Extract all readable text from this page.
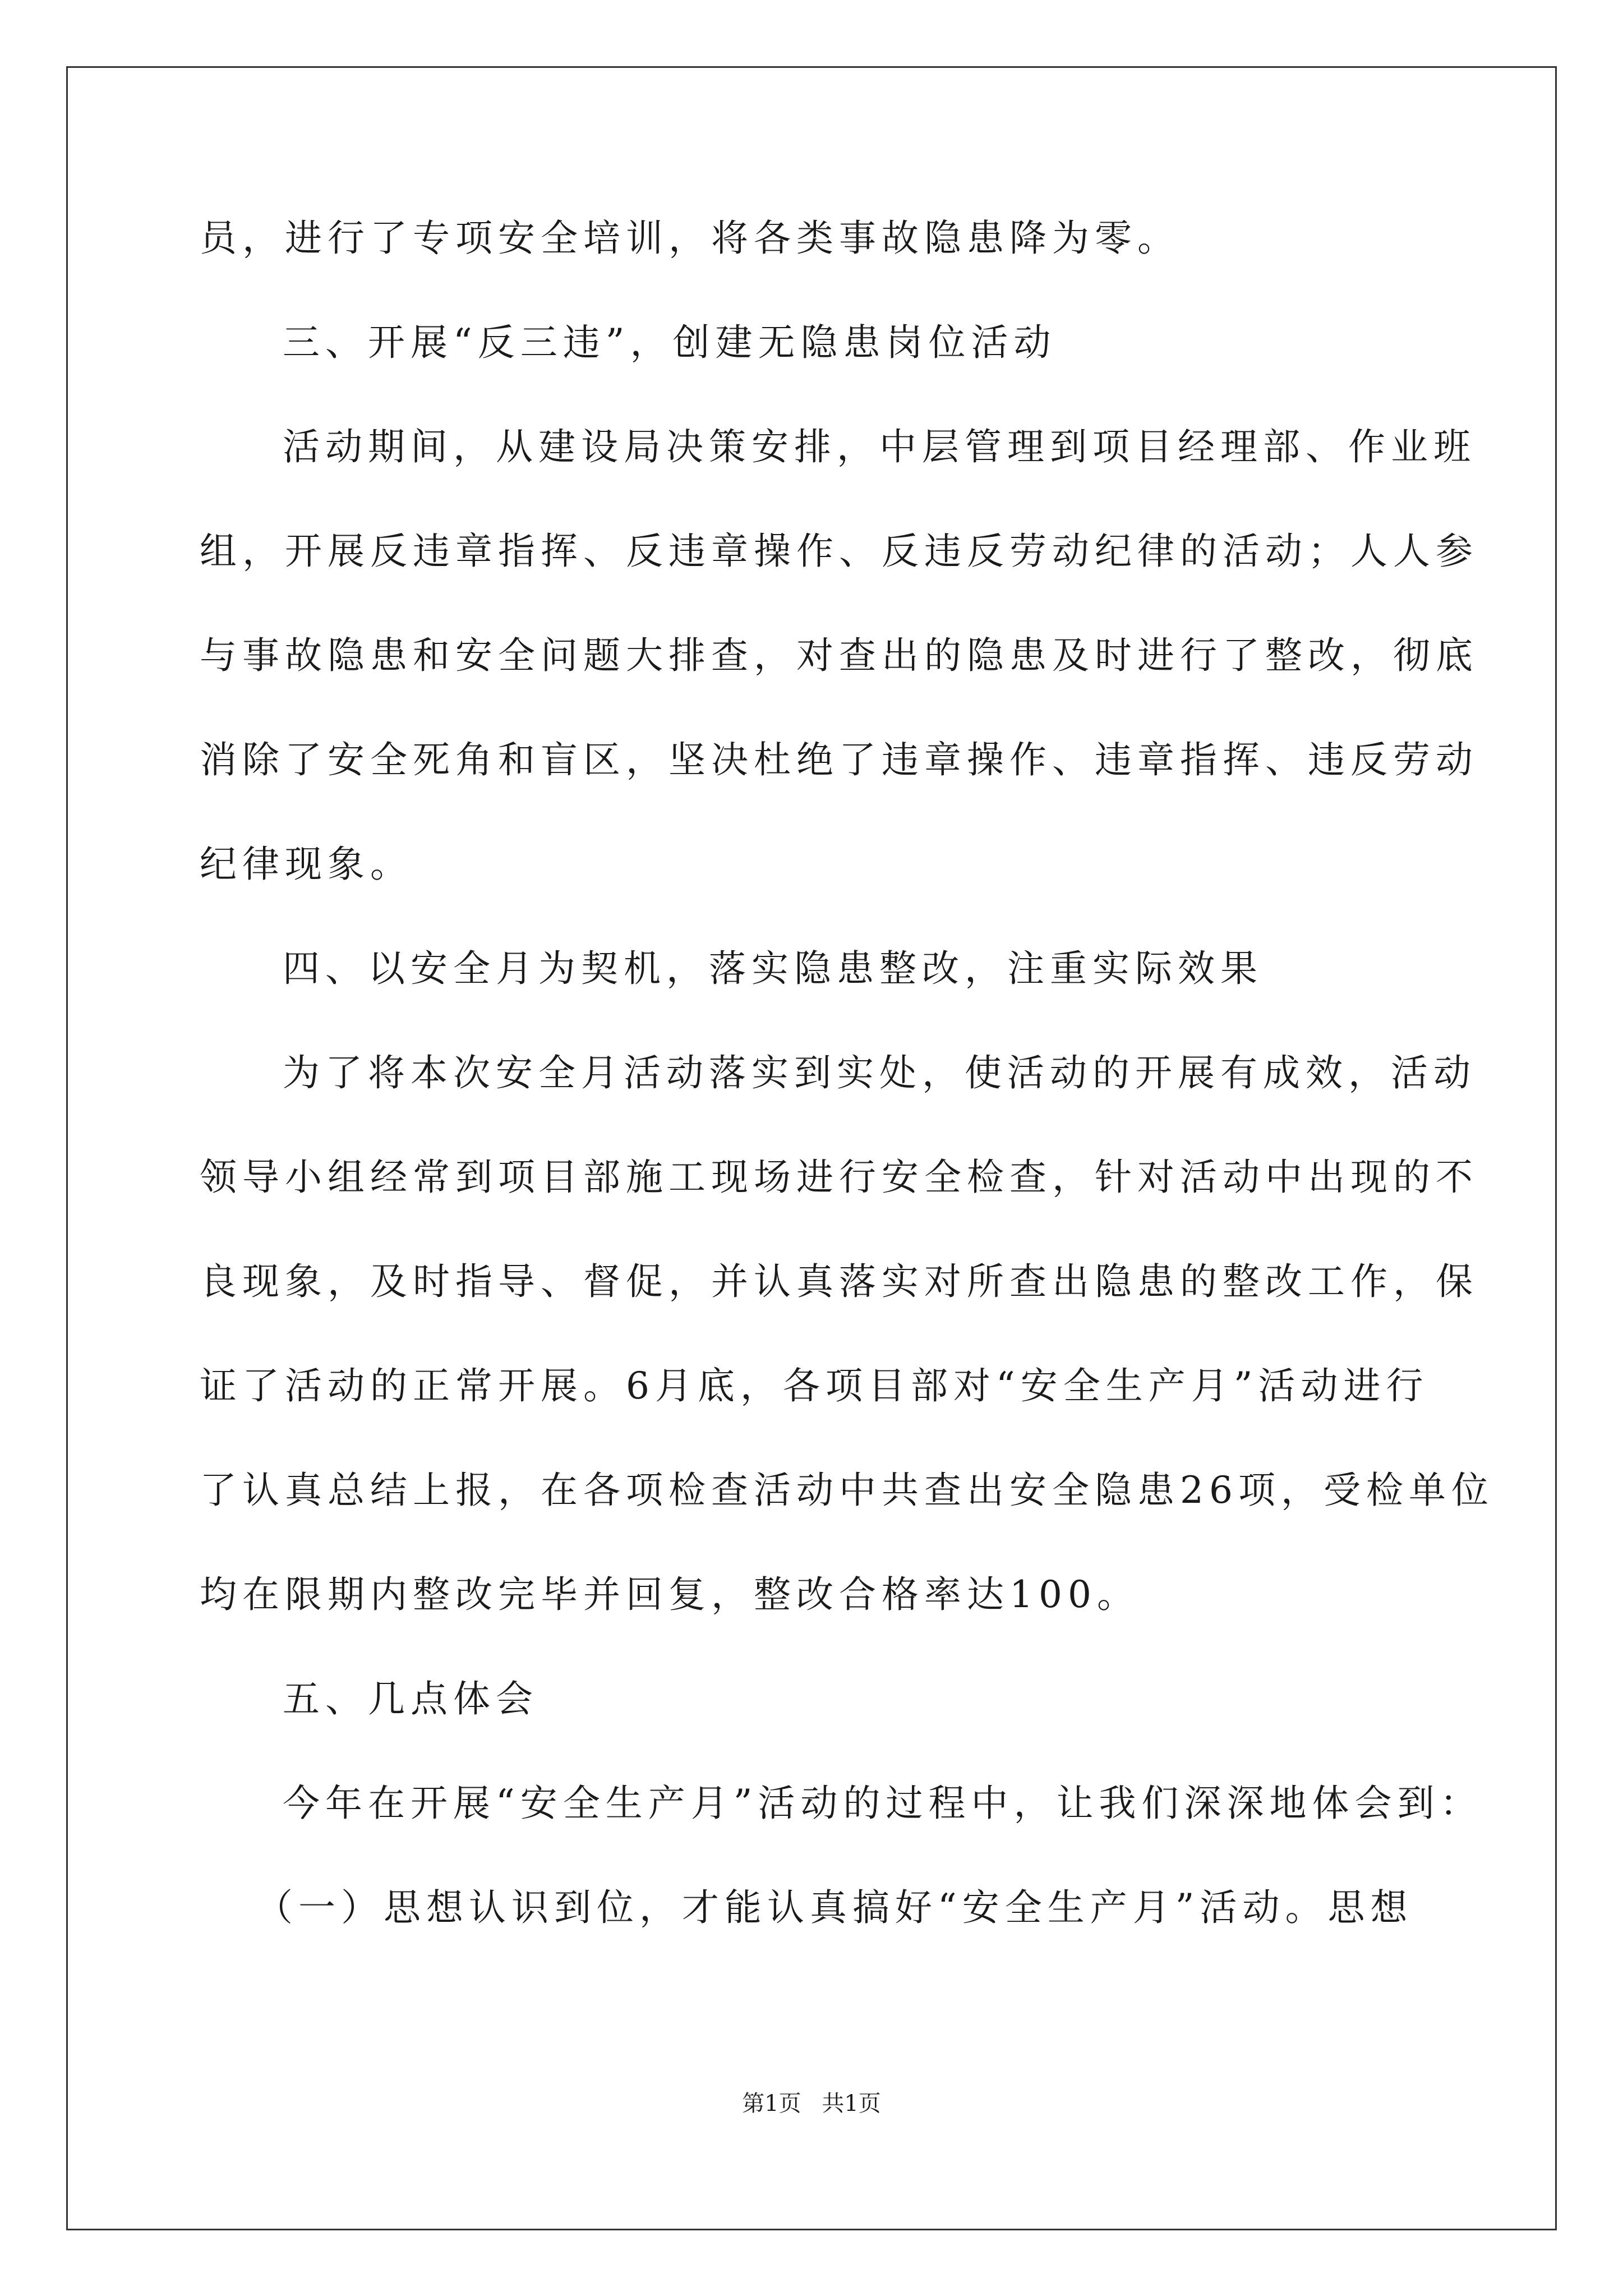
员，进行了专项安全培训，将各类事故隐患降为零。
三、开展“反三违”，创建无隐患岗位活动
活动期间，从建设局决策安排，中层管理到项目经理部、作业班
组，开展反违章指挥、反违章操作、反违反劳动纪律的活动；人人参
与事故隐患和安全问题大排查，对查出的隐患及时进行了整改，彻底
消除了安全死角和盲区，坚决杜绝了违章操作、违章指挥、违反劳动
纪律现象。
四、以安全月为契机，落实隐患整改，注重实际效果
为了将本次安全月活动落实到实处，使活动的开展有成效，活动
领导小组经常到项目部施工现场进行安全检查，针对活动中出现的不
良现象，及时指导、督促，并认真落实对所查出隐患的整改工作，保
证了活动的正常开展。6月底，各项目部对“安全生产月”活动进行
了认真总结上报，在各项检查活动中共查出安全隐患26项，受检单位
均在限期内整改完毕并回复，整改合格率达100。
五、几点体会
今年在开展“安全生产月”活动的过程中，让我们深深地体会到：
（一）思想认识到位，才能认真搞好“安全生产月”活动。思想
第1页 共1页
